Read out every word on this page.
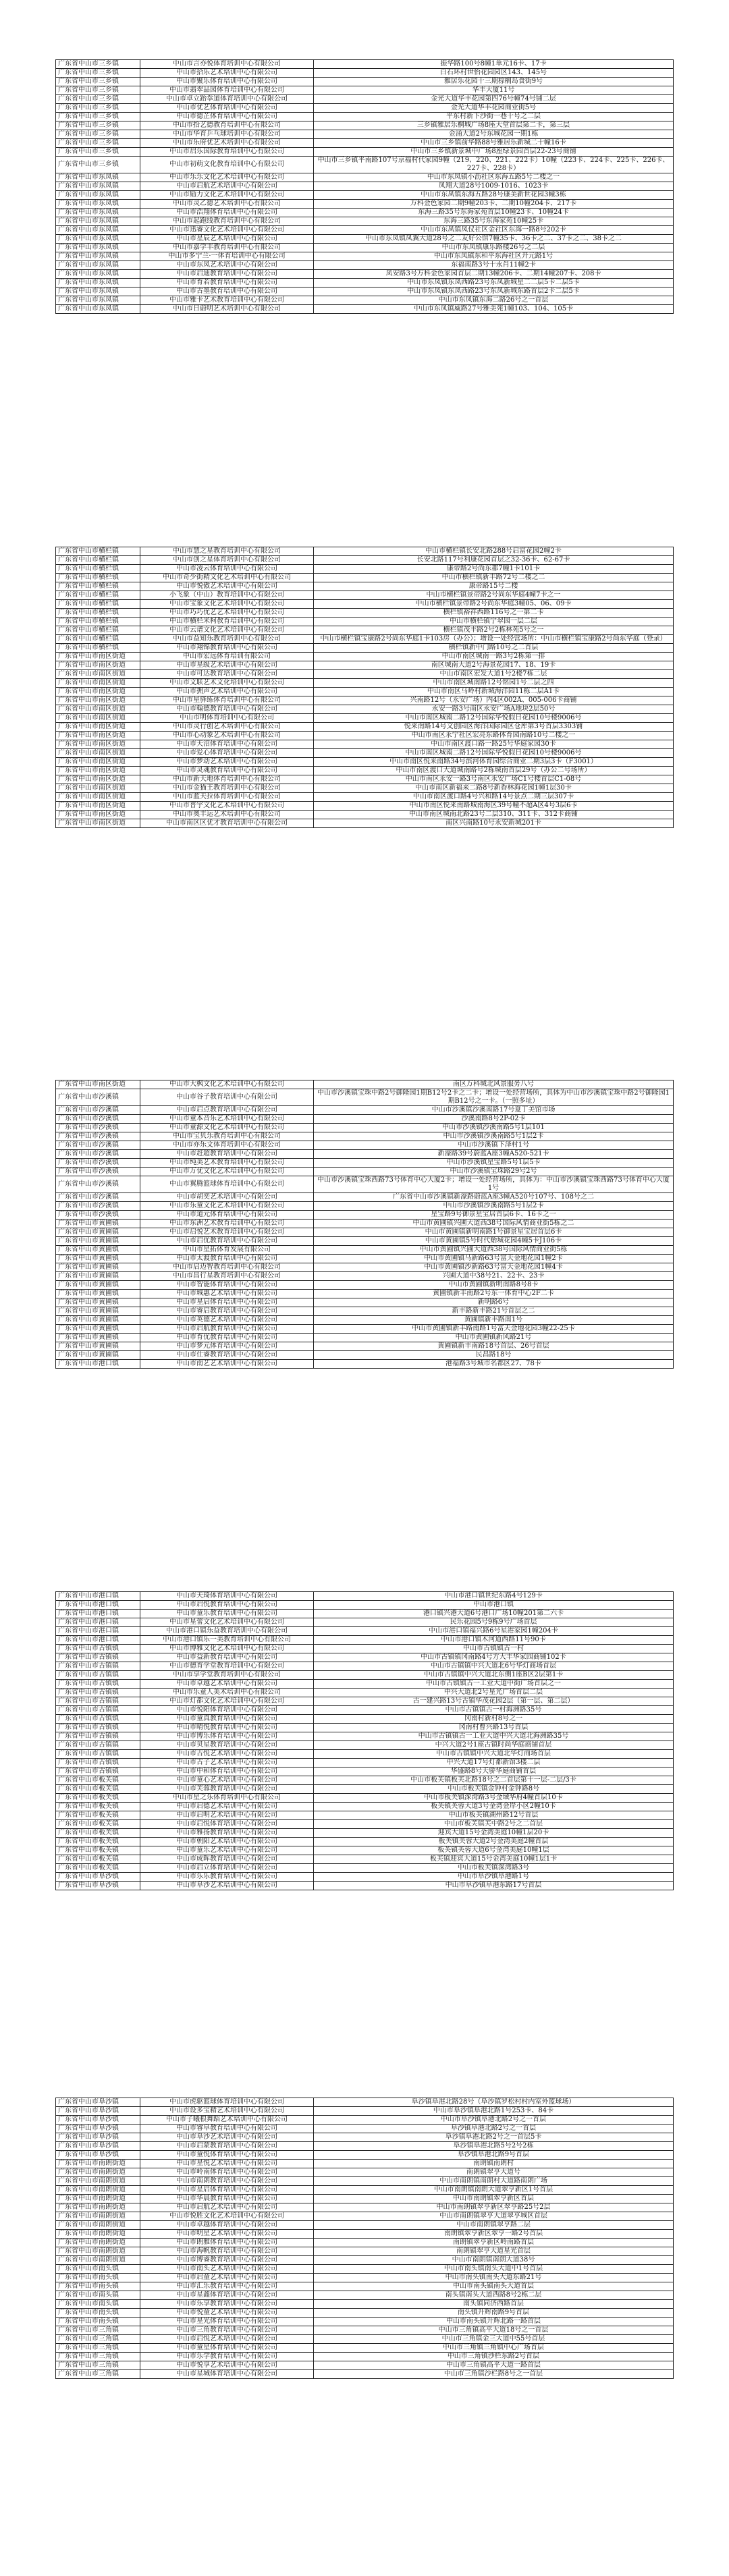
广东省中山市三乡镇	中山市言亦悦体育培训中心有限公司	振华路100号8幢1单元16卡、17卡
广东省中山市三乡镇	中山市拾乐艺术培训中心有限公司	白石环村世怡花园园区143、145号
广东省中山市三乡镇	中山市聚乐体育培训中心有限公司	雅居乐花园十三期棕榈岛食街9号
广东省中山市三乡镇	中山市翡翠品园体育培训中心有限公司	华丰大厦11号
广东省中山市三乡镇	中山市卓立跆拳道体育培训中心有限公司	金光大道华丰花园第四76号幢74号铺二层
广东省中山市三乡镇	中山市优艺体育培训中心有限公司	金光大道华丰花园商业街5号
广东省中山市三乡镇	中山市德芷体育培训中心有限公司	平东村新下沙街一巷十号之二层
广东省中山市三乡镇	中山市拾艺德教育培训中心有限公司	三乡镇雅居乐桐城广场8座大堂首层第二卡，第三层
广东省中山市三乡镇	中山市华育乒乓球培训中心有限公司	金涌大道2号东城花园一期1栋
广东省中山市三乡镇	中山市乐府优艺术培训中心有限公司	中山市三乡镇前华路88号雅居乐新城二十幢16卡
广东省中山市三乡镇	中山市启乐国际教育培训中心有限公司	中山市三乡镇新景城中广场8座绿景园首层22-23号商铺
广东省中山市三乡镇	中山市初萌文化教育培训中心有限公司	中山市三乡镇平南路107号京福村代家园9幢（219、220、221、222卡）10幢（223卡、224卡、225卡、226卡、227卡、228卡）
广东省中山市东凤镇	中山市乐乐文化艺术培训中心有限公司	中山市东凤镇小沥社区东海五路5号二楼之一
广东省中山市东凤镇	中山市启航艺术培训中心有限公司	凤翔大道28号1009-1016、1023卡
广东省中山市东凤镇	中山市励力文化艺术培训中心有限公司	中山市东凤镇东海五路28号康美新世花园3幢3栋
广东省中山市东凤镇	中山市灵乙德艺术培训中心有限公司	万科金色家园二期9幢203卡、二期10幢204卡、217卡
广东省中山市东凤镇	中山市浩翔体育培训中心有限公司	东海三路35号东海家苑首层10幢23卡、10幢24卡
广东省中山市东凤镇	中山市起跑线教育培训中心有限公司	东海三路35号东海家苑10幢25卡
广东省中山市东凤镇	中山市迅睿文化艺术培训中心有限公司	中山市东凤镇凤仪社区金社区东海一路8号202卡
广东省中山市东凤镇	中山市星辰艺术培训中心有限公司	中山市东凤镇凤翼大道28号之二友好公馆7幢35卡、36卡之二、37卡之二、38卡之二
广东省中山市东凤镇	中山市嘉学丰教育培训中心有限公司	中山市东凤镇康乐路楼26号之二层
广东省中山市东凤镇	中山市多宁兰·一体育培训中心有限公司	中山市东凤镇东和平东海社区开元路1号
广东省中山市东凤镇	中山市东凤艺术培训中心有限公司	东福南路3号十永肖11幢2卡
广东省中山市东凤镇	中山市启迪教育培训中心有限公司	凤安路3号万科金色家园首层二期13幢206卡、二期14幢207卡、208卡
广东省中山市东凤镇	中山市育若教育培训中心有限公司	中山市东凤镇东凤西路23号东凤新城星二二层5卡二层5卡
广东省中山市东凤镇	中山市古墨教育培训中心有限公司	中山市东凤镇东凤西路23号东凤新城东路首层2卡二层5卡
广东省中山市东凤镇	中山市雅卡艺术教育培训中心有限公司	中山市东凤镇东海二路26号之一首层
广东省中山市东凤镇	中山市日蔚明艺术培训中心有限公司	中山市东凤镇威路27号雅美苑1幢103、104、105卡
广东省中山市横栏镇	中山市慧之星教育培训中心有限公司	中山市横栏镇长安北路288号启富花园2幢2卡
广东省中山市横栏镇	中山市创之星体育培训中心有限公司	长安北路117号利康花园首层之32-36卡、62-67卡
广东省中山市横栏镇	中山市凌云体育培训中心有限公司	康帝路2号尚东郡7幢1卡101卡
广东省中山市横栏镇	中山市奇少街精文化艺术培训中心有限公司	中山市横栏镇新丰路72号二楼之二
广东省中山市横栏镇	中山市悦傲艺术培训中心有限公司	康帝路15号二楼
广东省中山市横栏镇	小飞象（中山）教育培训中心有限公司	中山市横栏镇景帝路2号尚东华庭4幢7卡之一
广东省中山市横栏镇	中山市宝象文化艺术培训中心有限公司	中山市横栏镇景帝路2号尚东华庭3幢05、06、09卡
广东省中山市横栏镇	中山市巧巧优艺艺术培训中心有限公司	横栏镇裕祥西路116号之一第二卡
广东省中山市横栏镇	中山市横栏米柯教育培训中心有限公司	中山市横栏镇宁翠园一层二层
广东省中山市横栏镇	中山市云谱文化艺术培训中心有限公司	横栏镇茂丰路2号2栋林苑5号之一
广东省中山市横栏镇	中山市益知乐教育培训中心有限公司	中山市横栏镇宝康路2号尚东华庭1卡103房（办公）；增设一处经营场所：中山市横栏镇宝康路2号尚东华庭（登录）
广东省中山市横栏镇	中山市翔锦教育培训中心有限公司	横栏镇新中门路10号之二首层
广东省中山市南区街道	中山市宏远体育培训有限公司	中山市南区城南一路3号2栋第一排
广东省中山市南区街道	中山市星级艺术培训中心有限公司	南区城南大道2号海景花园17、18、19卡
广东省中山市南区街道	中山市可达教育培训中心有限公司	中山市南区宏发大道1号2楼7栋二层
广东省中山市南区街道	中山市文联艺术文化培训中心有限公司	中山市南区城南路12号铭园1号二层之四
广东省中山市南区街道	中山市拥声艺术培训中心有限公司	中山市南区马岭村新城海洋园11栋二层A1卡
广东省中山市南区街道	中山市星驿练体育培训中心有限公司	兴南路12号（永安广场）内4区002A、005-006卡商铺
广东省中山市南区街道	中山市翰德教育培训中心有限公司	永安一路3号南区永安广场A地块2层50号
广东省中山市南区街道	中山市明体育培训中心有限公司	中山市南区城南二路12号国际华悦假日花园10号楼9006号
广东省中山市南区街道	中山市灵行创艺术培训中心有限公司	悦来南路14号文创园区海洋国际园区仓库第3号首层3303铺
广东省中山市南区街道	中山市心动象艺术培训中心有限公司	中山市南区永宁社区宏亮东路体育园南路10号二楼之一
广东省中山市南区街道	中山市天沼体育培训中心有限公司	中山市南区渡口路一路25号华庭家园30卡
广东省中山市南区街道	中山市爱心体育培训中心有限公司	中山市南区城南二路12号国际华悦假日花园10号楼9006号
广东省中山市南区街道	中山市梦动艺术培训中心有限公司	中山市南区悦来南路34号滨河体育园综合商业二期3层3卡（F3001）
广东省中山市南区街道	中山市灵魂教育培训中心有限公司	中山市南区渡口大道城南路号2栋城南首层29号（办公二号场所）
广东省中山市南区街道	中山市新天地体育培训中心有限公司	中山市南区永安一路3号南区永安广场C1号楼首层C1-08号
广东省中山市南区街道	中山市金猫王教育培训中心有限公司	中山市南区新福来二路8号新香林海花园1幢1层30卡
广东省中山市南区街道	中山市蓝天拉体育培训中心有限公司	中山市南区渡口路4号兴和路14号景点二期三层307卡
广东省中山市南区街道	中山市普宇文化艺术培训中心有限公司	中山市南区悦来南路城南海区39号幢不超A区4号3层6卡
广东省中山市南区街道	中山市奥丰运艺术培训中心有限公司	中山市南区城南北路23号二层310、311卡、312卡商铺
广东省中山市南区街道	中山市南区区优才教育培训中心有限公司	南区兴南路10号永安新城201卡
广东省中山市南区街道	中山市大枫文化艺术培训中心有限公司	南区万科城北风景服务八号
广东省中山市沙溪镇	中山市谷子教育培训中心有限公司	中山市沙溪镇宝珠中路2号御隆园1期B12号2卡之二卡；增设一处经营场所，具体为中山市沙溪镇宝珠中路2号御隆园1期B12号之一卡。（一照多址）
广东省中山市沙溪镇	中山市启点教育培训中心有限公司	中山市沙溪镇沙溪南路17号夏丁美馆市场
广东省中山市沙溪镇	中山市童本音乐艺术培训中心有限公司	沙溪南路8号2P-02卡
广东省中山市沙溪镇	中山市童源文化艺术培训中心有限公司	中山市沙溪镇沙溪南路5号1层101
广东省中山市沙溪镇	中山市宝贝乐教育培训中心有限公司	中山市沙溪镇沙溪南路5号1层2卡
广东省中山市沙溪镇	中山市亦乐文体育培训中心有限公司	中山市沙溪镇下泽村1号
广东省中山市沙溪镇	中山市赶超教育培训中心有限公司	新濠路39号蔚蓝A座3幢A520-521卡
广东省中山市沙溪镇	中山市纯美艺术教育培训中心有限公司	中山市沙溪镇星宝路5号1层5卡
广东省中山市沙溪镇	中山市万优文化艺术培训中心有限公司	中山市沙溪镇宝珠路29号2号
广东省中山市沙溪镇	中山市翼腾篮球体育培训中心有限公司	中山市沙溪镇宝珠西路73号体育中心大厦2卡；增设一处经营场所，具体为：中山市沙溪镇宝珠西路73号体育中心大厦1号
广东省中山市沙溪镇	中山市胡奕艺术培训中心有限公司	广东省中山市沙溪镇新濠路蔚蓝A座3幢A520号107号、108号之二
广东省中山市沙溪镇	中山市乐童文化艺术培训中心有限公司	中山市沙溪镇沙溪南路5号1层2卡
广东省中山市沙溪镇	中山市道元体育培训中心有限公司	星宝路9号御景星宝居首层6卡、16卡之一
广东省中山市黄圃镇	中山市东洲艺术教育培训中心有限公司	中山市黄圃镇兴圃大道西38号国际风情商业街5栋之二
广东省中山市黄圃镇	中山市启悦艺术教育培训中心有限公司	中山市黄圃镇新明南路1号御景星宝居首层6卡
广东省中山市黄圃镇	中山市启优教育培训中心有限公司	中山市黄圃镇5号时代贻城花园4幢5卡J106卡
广东省中山市黄圃镇	中山市星拓体育发展有限公司	中山市黄圃镇兴圃大道西38号国际风情商业街5栋
广东省中山市黄圃镇	中山市太渡教育培训中心有限公司	中山市黄圃镇马新路63号富天金地花园1幢2卡
广东省中山市黄圃镇	中山市启迈智教育培训中心有限公司	中山市黄圃镇沙新路63号富天金地花园1幢4卡
广东省中山市黄圃镇	中山市昌行星教育培训中心有限公司	兴圃大道中38号21、22卡、23卡
广东省中山市黄圃镇	中山市智能体育培训中心有限公司	中山市黄圃镇新明南路8号8卡
广东省中山市黄圃镇	中山市城惠艺术培训中心有限公司	黄圃镇新丰南路2号东一体育中心2F二卡
广东省中山市黄圃镇	中山市星启体育培训中心有限公司	新明路6号
广东省中山市黄圃镇	中山市睿启教育培训中心有限公司	新丰路新丰路21号首层之二
广东省中山市黄圃镇	中山市英德艺术培训中心有限公司	黄圃镇新丰路南1号
广东省中山市黄圃镇	中山市启航教育培训中心有限公司	中山市黄圃镇新丰路南路1号富天金地花园3幢22-25卡
广东省中山市黄圃镇	中山市育优教育培训中心有限公司	中山市黄圃镇新风路21号
广东省中山市黄圃镇	中山市梦元体育培训中心有限公司	黄圃镇新丰南路18号首层、26号首层
广东省中山市黄圃镇	中山市仕睿教育培训中心有限公司	民昌路18号
广东省中山市港口镇	中山市南艺艺术培训中心有限公司	港福路3号城市名都区27、78卡
广东省中山市港口镇	中山市天琦体育培训中心有限公司	中山市港口镇世纪东路4号129卡
广东省中山市港口镇	中山市启悦教育培训中心有限公司	中山市港口镇
广东省中山市港口镇	中山市童乐教育培训中心有限公司	港口镇兴港大道6号港口广场10幢201第二六卡
广东省中山市港口镇	中山市星蕾文化艺术培训中心有限公司	民乐花园5号9栋9号广场首层
广东省中山市港口镇	中山市港口镇乐益教育培训中心有限公司	中山市港口镇福兴路6号星港家园1幢204卡
广东省中山市港口镇	中山市港口镇乐一美教育培训中心有限公司	中山市港口镇木河道西路11号90卡
广东省中山市古镇镇	中山市博雅文化艺术培训中心有限公司	中山市古镇镇古一村
广东省中山市古镇镇	中山市益新教育培训中心有限公司	中山市古镇镇冈南路4号方大丰华家园商铺102卡
广东省中山市古镇镇	中山市德育学堂教育培训中心有限公司	中山市古镇镇中兴大道北6号华灯商场首层
广东省中山市古镇镇	中山市享学堂教育培训中心有限公司	中山市古镇镇中兴大道北东侧1座B区2层第1卡
广东省中山市古镇镇	中山市卓越艺术培训中心有限公司	中山市古镇镇古一工业大道中街广场首层之一
广东省中山市古镇镇	中山市乐童人美术培训中心有限公司	中兴大道北2号星光广场首层二层
广东省中山市古镇镇	中山市灯都文化艺术培训中心有限公司	古一建兴路13号古镇华茂花园2层（第一层、第二层）
广东省中山市古镇镇	中山市悦阳体育培训中心有限公司	中山市古镇镇古一村海洲路35号
广东省中山市古镇镇	中山市童真教育培训中心有限公司	冈南村新村8号之一
广东省中山市古镇镇	中山市晴悦教育培训中心有限公司	冈南村曹兴路13号首层
广东省中山市古镇镇	中山市博乐体育培训中心有限公司	中山市古镇镇古一工业大道中兴大道北海洲路35号
广东省中山市古镇镇	中山市贝星教育培训中心有限公司	中兴大道2号1座古镇时尚华庭商铺首层
广东省中山市古镇镇	中山市古悦艺术培训中心有限公司	中山市古镇镇中兴大道北华灯商场首层
广东省中山市古镇镇	中山市古子艺术培训中心有限公司	中兴大道17号灯都新馆3楼二层
广东省中山市古镇镇	中山市中和体育培训中心有限公司	华盛路8号天骄华庭商铺首层
广东省中山市板芙镇	中山市童心艺术培训中心有限公司	中山市板芙镇板芙北路18号之二首层第十一层-二层/3卡
广东省中山市板芙镇	中山市芙蓉教育培训中心有限公司	中山市板芙镇金钟村金钟路8号
广东省中山市板芙镇	中山市星之乐体育培训中心有限公司	中山市板芙镇深湾路3号金域华府4幢首层10卡
广东省中山市板芙镇	中山市启德艺术培训中心有限公司	板芙镇芙蓉大道3号金湾金岸小区2幢10卡
广东省中山市板芙镇	中山市启明艺术培训中心有限公司	中山市板芙镇湖州路12号首层
广东省中山市板芙镇	中山市启悦体育培训中心有限公司	中山市板芙镇芙中路2号之二首层
广东省中山市板芙镇	中山市雅扬教育培训中心有限公司	迎宾大道15号金湾美庭10幢1层20卡
广东省中山市板芙镇	中山市朝阳艺术培训中心有限公司	板芙镇芙蓉大道2号金湾美庭2幢首层
广东省中山市板芙镇	中山市童乐艺术培训中心有限公司	板芙镇芙蓉大道6号金湾美庭10幢1层
广东省中山市板芙镇	中山市成晖教育培训中心有限公司	板芙镇迎宾大道15号金湾美庭10幢1层1卡
广东省中山市板芙镇	中山市启立体育培训中心有限公司	中山市板芙镇深湾路3号
广东省中山市阜沙镇	中山市乐乐教育培训中心有限公司	中山市阜沙镇阜港路1号
广东省中山市阜沙镇	中山市阜沙艺术培训中心有限公司	中山市阜沙镇阜港东路17号首层
广东省中山市阜沙镇	中山市虎驱篮球体育培训中心有限公司	阜沙镇阜港北路28号（阜沙镇罗松村村内室外篮球场）
广东省中山市阜沙镇	中山市设多宝精艺术培训中心有限公司	中山市阜沙镇阜港北路1号253卡、84卡
广东省中山市阜沙镇	中山市子曦根舞蹈艺术培训中心有限公司	中山市阜沙镇阜港北路2号之一首层
广东省中山市阜沙镇	中山市睿阜教育培训中心有限公司	阜沙镇阜港北路2号之一首层
广东省中山市阜沙镇	中山市阜沙艺术培训中心有限公司	阜沙镇阜港北路2号之一首层5卡
广东省中山市阜沙镇	中山市启蒙教育培训中心有限公司	阜沙镇阜港北路5号2号2栋
广东省中山市阜沙镇	中山市童悦体育培训中心有限公司	阜沙镇阜港北路9号首层
广东省中山市南朗街道	中山市星悦艺术培训中心有限公司	南朗镇南朗村
广东省中山市南朗街道	中山市岭南体育培训中心有限公司	南朗镇翠亨大道号
广东省中山市南朗街道	中山市南朗教育培训中心有限公司	中山市南朗镇南朗村大道路南朗广场
广东省中山市南朗街道	中山市星启体育培训中心有限公司	中山市南朗镇南朗大道翠亨新区1号首层
广东省中山市南朗街道	中山市华晨教育培训中心有限公司	中山市南朗镇翠亨新区首层
广东省中山市南朗街道	中山市启航艺术培训中心有限公司	中山市南朗镇翠亨新区翠亨路25号2层
广东省中山市南朗街道	中山市悦胜文化艺术培训中心有限公司	中山市南朗镇翠亨大道翠亨城区首层
广东省中山市南朗街道	中山市卓越体育培训中心有限公司	中山市南朗镇翠亨路二层
广东省中山市南朗街道	中山市明星艺术培训中心有限公司	南朗镇翠亨新区翠亨一路2号首层
广东省中山市南朗街道	中山市朗雅体育培训中心有限公司	南朗镇翠亨新区岭南路首层
广东省中山市南朗街道	中山市海帆教育培训中心有限公司	南朗镇翠亨大道星光首层
广东省中山市南朗街道	中山市博睿教育培训中心有限公司	中山市南朗镇南朗大道38号
广东省中山市南头镇	中山市南头艺术培训中心有限公司	中山市南头镇南头大道中1号首层
广东省中山市南头镇	中山市启童艺术培训中心有限公司	中山市南头镇南头大道东路21号
广东省中山市南头镇	中山市汇乐教育培训中心有限公司	中山市南头镇南头大道首层
广东省中山市南头镇	中山市星鑫体育培训中心有限公司	南头镇南头大道西路8号2栋二层
广东省中山市南头镇	中山市乐享教育培训中心有限公司	南头镇同济西路首层
广东省中山市南头镇	中山市悦童艺术培训中心有限公司	南头镇升辉南路9号首层
广东省中山市南头镇	中山市星光体育培训中心有限公司	中山市南头镇升辉北路一路首层
广东省中山市三角镇	中山市三角教育培训中心有限公司	中山市三角镇高平大道18号之一首层
广东省中山市三角镇	中山市启悦艺术培训中心有限公司	中山市三角镇金三大道中55号首层
广东省中山市三角镇	中山市童星体育培训中心有限公司	中山市三角镇三角镇中心广场首层
广东省中山市三角镇	中山市乐学教育培训中心有限公司	中山市三角镇沙栏东路2号首层
广东省中山市三角镇	中山市悦享艺术培训中心有限公司	中山市三角镇高平大道一路首层
广东省中山市三角镇	中山市星城体育培训中心有限公司	中山市三角镇沙栏路8号之一首层
